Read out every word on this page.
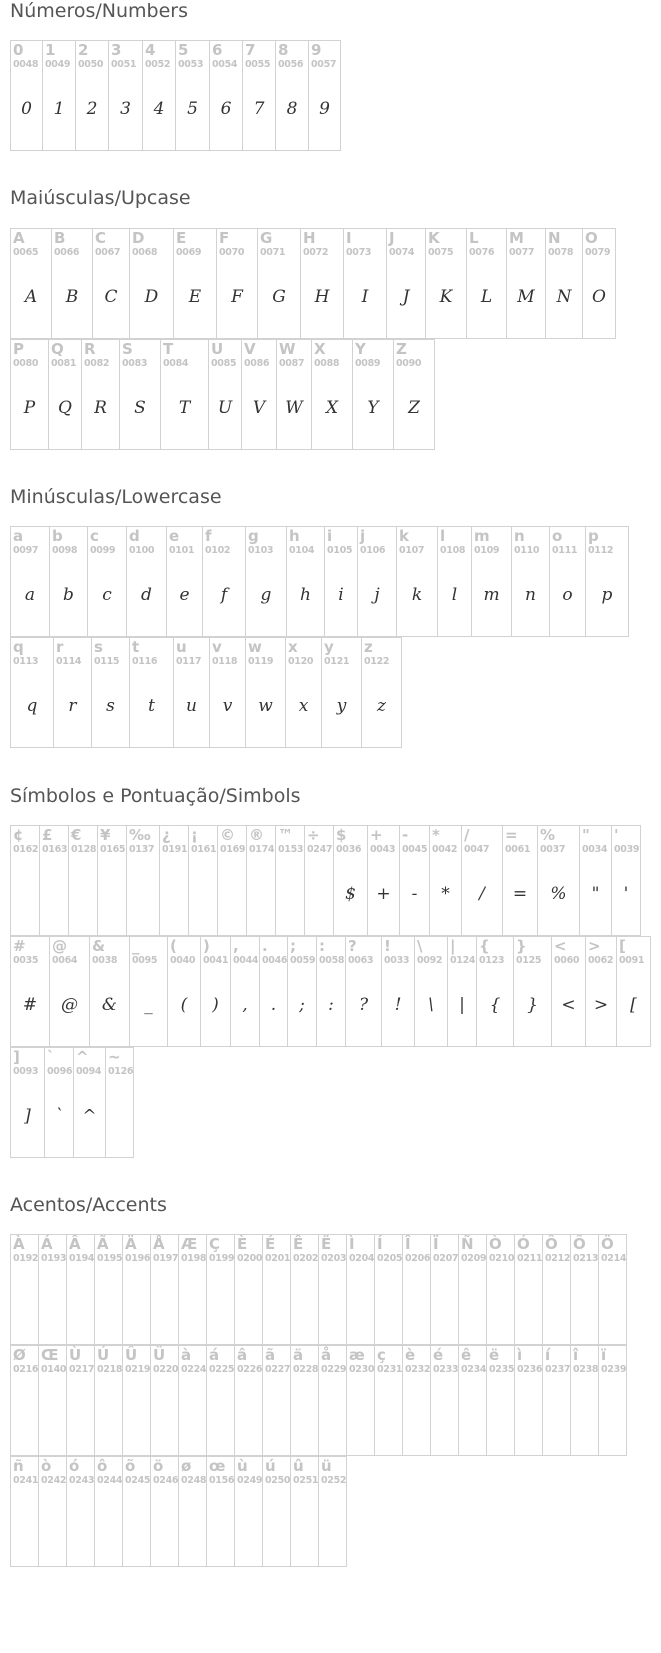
Números/Numbers
0
0048
0
1
0049
1
2
0050
2
3
0051
3
4
0052
4
5
0053
5
6
0054
6
7
0055
7
8
0056
8
9
0057
9
Maiúsculas/Upcase
A
0065
A
B
0066
B
C
0067
C
D
0068
D
E
0069
E
F
0070
F
G
0071
G
H
0072
H
I
0073
I
J
0074
J
K
0075
K
L
0076
L
M
0077
M
N
0078
N
O
0079
O
P
0080
P
Q
0081
Q
R
0082
R
S
0083
S
T
0084
T
U
0085
U
V
0086
V
W
0087
W
X
0088
X
Y
0089
Y
Z
0090
Z
Minúsculas/Lowercase
a
0097
a
b
0098
b
c
0099
c
d
0100
d
e
0101
e
f
0102
f
g
0103
g
h
0104
h
i
0105
i
j
0106
j
k
0107
k
l
0108
l
m
0109
m
n
0110
n
o
0111
o
p
0112
p
q
0113
q
r
0114
r
s
0115
s
t
0116
t
u
0117
u
v
0118
v
w
0119
w
x
0120
x
y
0121
y
z
0122
z
Símbolos e Pontuação/Simbols
¢
0162
£
0163
€
0128
¥
0165
‰
0137
¿
0191
¡
0161
©
0169
®
0174
™
0153
÷
0247
$
0036
$
+
0043
+
-
0045
-
*
0042
*
/
0047
/
=
0061
=
%
0037
%
"
0034
"
'
0039
'
#
0035
#
@
0064
@
&
0038
&
_
0095
_
(
0040
(
)
0041
)
,
0044
,
.
0046
.
;
0059
;
:
0058
:
?
0063
?
!
0033
!
\
0092
\
|
0124
|
{
0123
{
}
0125
}
<
0060
<
>
0062
>
[
0091
[
]
0093
]
`
0096
`
^
0094
^
~
0126
Acentos/Accents
À
0192
Á
0193
Â
0194
Ã
0195
Ä
0196
Å
0197
Æ
0198
Ç
0199
È
0200
É
0201
Ê
0202
Ë
0203
Ì
0204
Í
0205
Î
0206
Ï
0207
Ñ
0209
Ò
0210
Ó
0211
Ô
0212
Õ
0213
Ö
0214
Ø
0216
Œ
0140
Ù
0217
Ú
0218
Û
0219
Ü
0220
à
0224
á
0225
â
0226
ã
0227
ä
0228
å
0229
æ
0230
ç
0231
è
0232
é
0233
ê
0234
ë
0235
ì
0236
í
0237
î
0238
ï
0239
ñ
0241
ò
0242
ó
0243
ô
0244
õ
0245
ö
0246
ø
0248
œ
0156
ù
0249
ú
0250
û
0251
ü
0252
